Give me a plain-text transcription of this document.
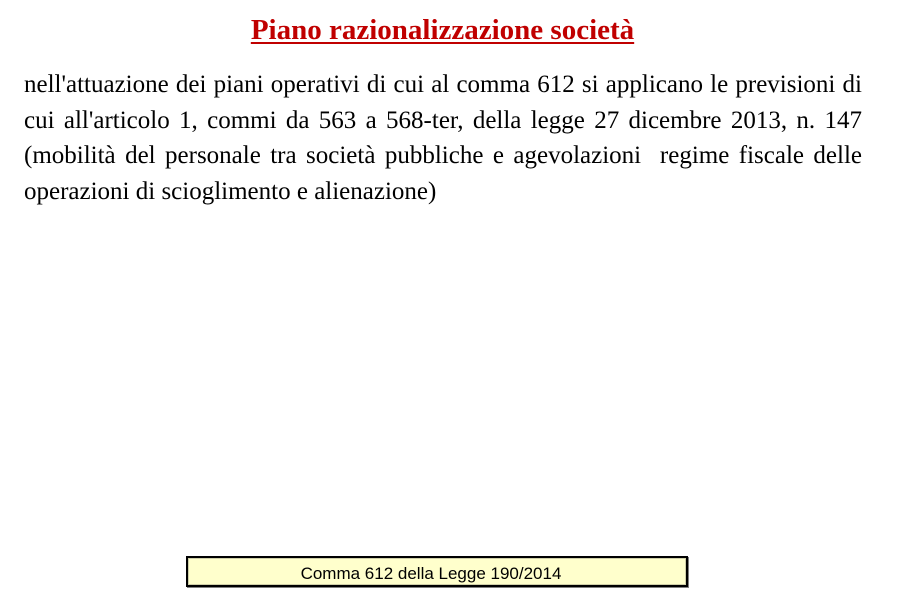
Piano razionalizzazione società

nell'attuazione dei piani operativi di cui al comma 612 si applicano le previsioni di cui all'articolo 1, commi da 563 a 568-ter, della legge 27 dicembre 2013, n. 147 (mobilità del personale tra società pubbliche e agevolazioni  regime fiscale delle operazioni di scioglimento e alienazione)

Comma 612 della Legge 190/2014
